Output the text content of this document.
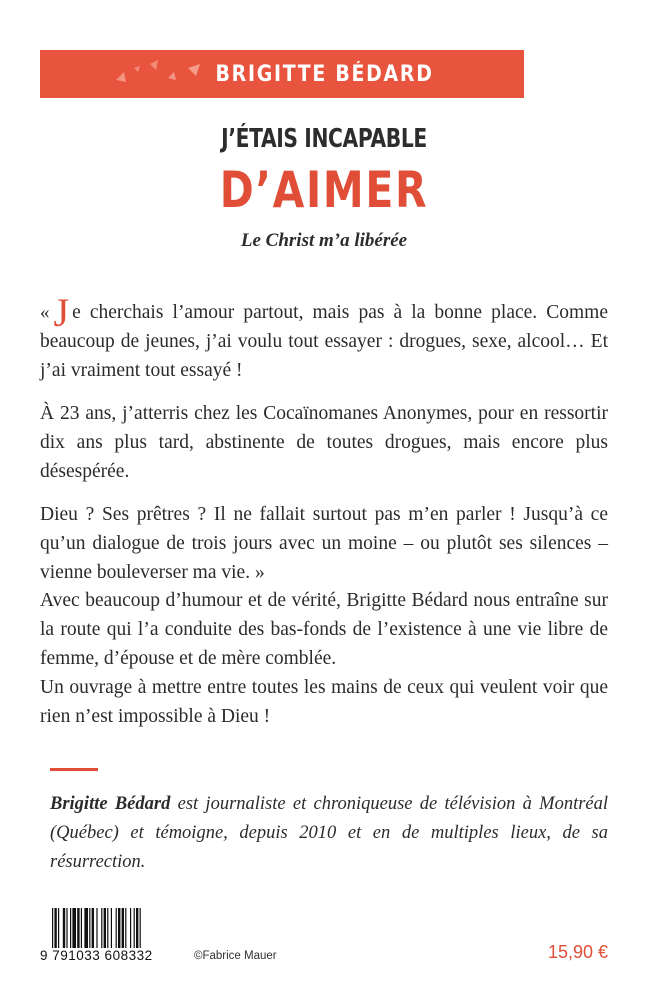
BRIGITTE BÉDARD
J’ÉTAIS INCAPABLE
D’AIMER
Le Christ m’a libérée

« J e cherchais l’amour partout, mais pas à la bonne place. Comme beaucoup de jeunes, j’ai voulu tout essayer : drogues, sexe, alcool… Et j’ai vraiment tout essayé !

À 23 ans, j’atterris chez les Cocaïnomanes Anonymes, pour en ressortir dix ans plus tard, abstinente de toutes drogues, mais encore plus désespérée.

Dieu ? Ses prêtres ? Il ne fallait surtout pas m’en parler ! Jusqu’à ce qu’un dialogue de trois jours avec un moine – ou plutôt ses silences – vienne bouleverser ma vie. »

Avec beaucoup d’humour et de vérité, Brigitte Bédard nous entraîne sur la route qui l’a conduite des bas-fonds de l’existence à une vie libre de femme, d’épouse et de mère comblée.

Un ouvrage à mettre entre toutes les mains de ceux qui veulent voir que rien n’est impossible à Dieu !

Brigitte Bédard est journaliste et chroniqueuse de télévision à Montréal (Québec) et témoigne, depuis 2010 et en de multiples lieux, de sa résurrection.
9 791033 608332	©Fabrice Mauer	15,90 €
